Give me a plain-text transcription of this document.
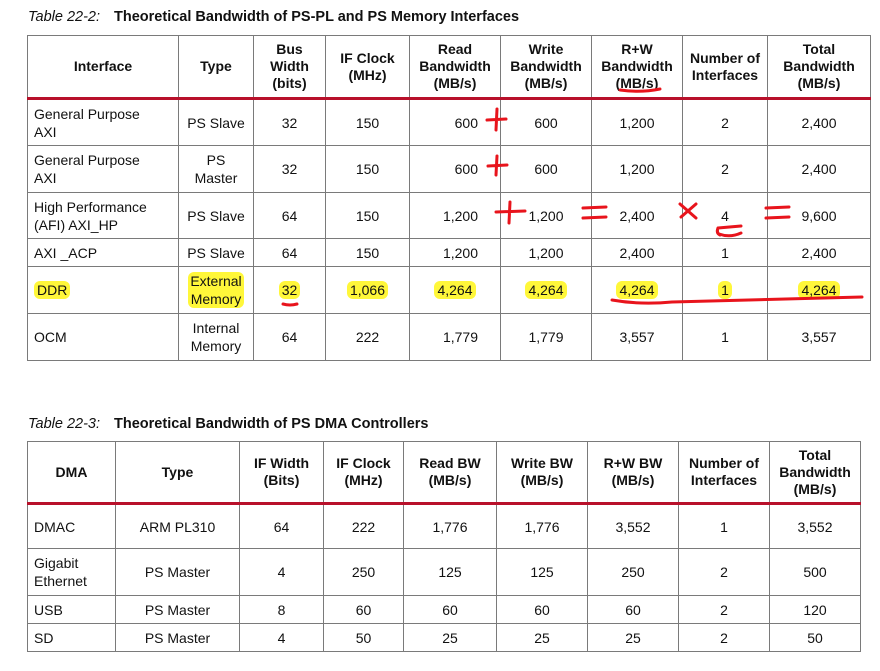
Table 22-2: Theoretical Bandwidth of PS-PL and PS Memory Interfaces
Interface	Type	Bus
Width
(bits)	IF Clock
(MHz)	Read
Bandwidth
(MB/s)	Write
Bandwidth
(MB/s)	R+W
Bandwidth
(MB/s)	Number of
Interfaces	Total
Bandwidth
(MB/s)
General Purpose
AXI	PS Slave	32	150	600	600	1,200	2	2,400
General Purpose
AXI	PS
Master	32	150	600	600	1,200	2	2,400
High Performance
(AFI) AXI_HP	PS Slave	64	150	1,200	1,200	2,400	4	9,600
AXI _ACP	PS Slave	64	150	1,200	1,200	2,400	1	2,400
DDR	External
Memory	32	1,066	4,264	4,264	4,264	1	4,264
OCM	Internal
Memory	64	222	1,779	1,779	3,557	1	3,557
Table 22-3: Theoretical Bandwidth of PS DMA Controllers
DMA	Type	IF Width
(Bits)	IF Clock
(MHz)	Read BW
(MB/s)	Write BW
(MB/s)	R+W BW
(MB/s)	Number of
Interfaces	Total
Bandwidth
(MB/s)
DMAC	ARM PL310	64	222	1,776	1,776	3,552	1	3,552
Gigabit
Ethernet	PS Master	4	250	125	125	250	2	500
USB	PS Master	8	60	60	60	60	2	120
SD	PS Master	4	50	25	25	25	2	50
